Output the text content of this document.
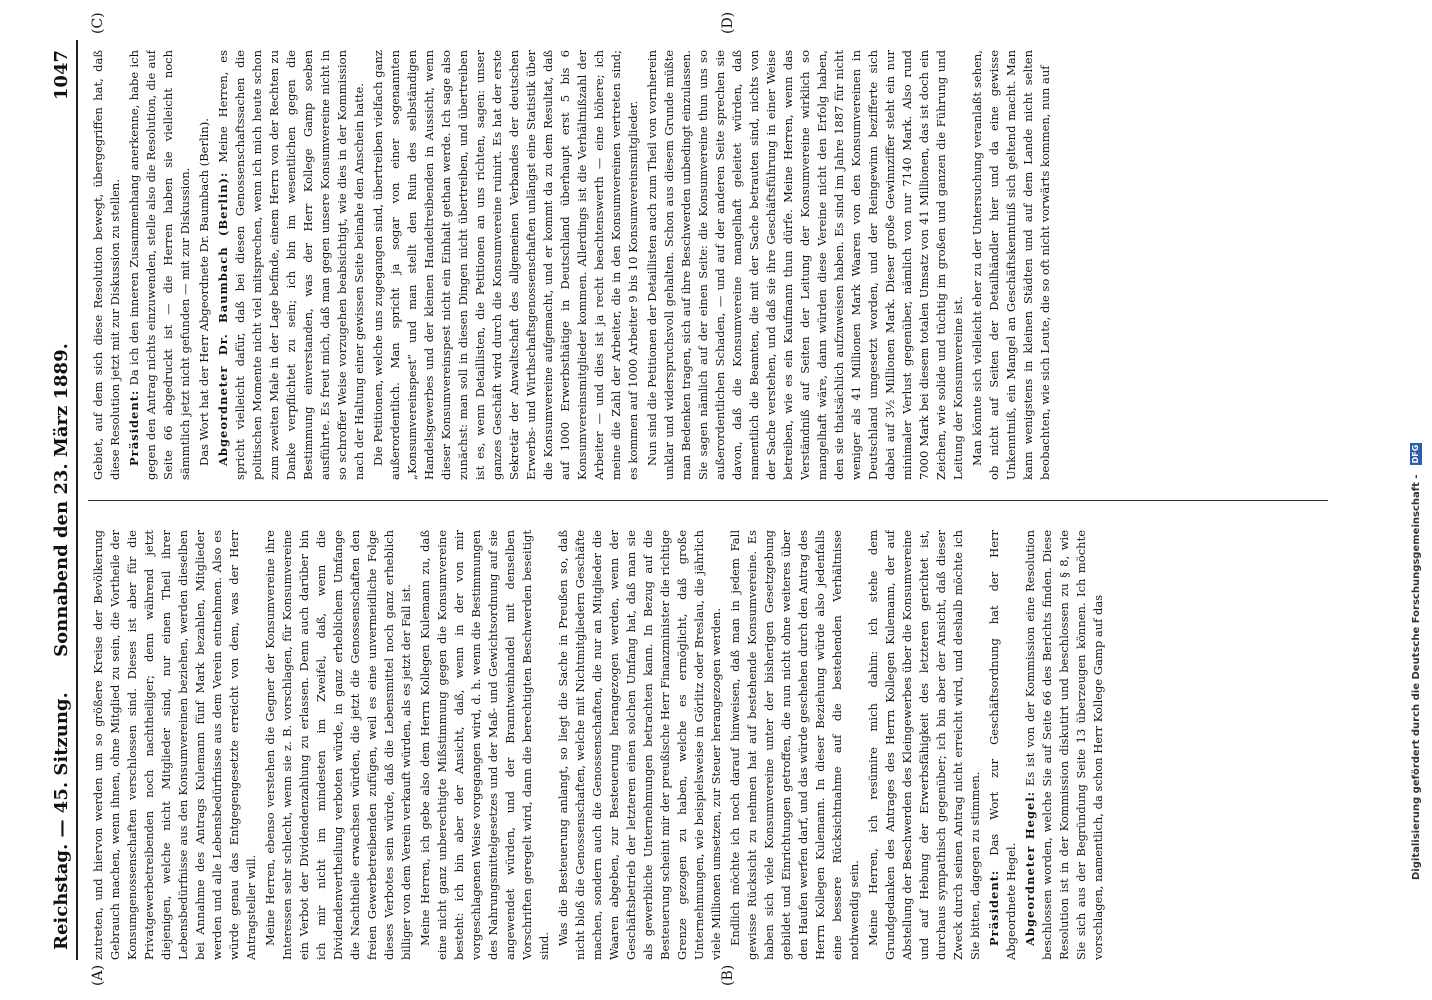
Reichstag. — 45. Sitzung.
Sonnabend den 23. März 1889.
1047
(A)	(B)
(C)	(D)

zutreten, und hiervon werden um so größere Kreise der Bevölkerung Gebrauch machen, wenn ihnen, ohne Mitglied zu sein, die Vortheile der Konsumgenossenschaften verschlossen sind. Dieses ist aber für die Privatgewerbetreibenden noch nachtheiliger; denn während jetzt diejenigen, welche nicht Mitglieder sind, nur einen Theil ihrer Lebensbedürfnisse aus den Konsumvereinen beziehen, werden dieselben bei Annahme des Antrags Kulemann fünf Mark bezahlen, Mitglieder werden und alle Lebensbedürfnisse aus dem Verein entnehmen. Also es würde genau das Entgegengesetzte erreicht von dem, was der Herr Antragsteller will. Meine Herren, ebenso verstehen die Gegner der Konsumvereine ihre Interessen sehr schlecht, wenn sie z. B. vorschlagen, für Konsumvereine ein Verbot der Dividendenzahlung zu erlassen. Denn auch darüber bin ich mir nicht im mindesten im Zweifel, daß, wenn die Dividendenvertheilung verboten würde, in ganz erheblichem Umfange die Nachtheile erwachsen würden, die jetzt die Genossenschaften den freien Gewerbetreibenden zufügen, weil es eine unvermeidliche Folge dieses Verbotes sein würde, daß die Lebensmittel noch ganz erheblich billiger von dem Verein verkauft würden, als es jetzt der Fall ist. Meine Herren, ich gebe also dem Herrn Kollegen Kulemann zu, daß eine nicht ganz unberechtigte Mißstimmung gegen die Konsumvereine besteht: ich bin aber der Ansicht, daß, wenn in der von mir vorgeschlagenen Weise vorgegangen wird, d. h. wenn die Bestimmungen des Nahrungsmittelgesetzes und der Maß- und Gewichtsordnung auf sie angewendet würden, und der Branntweinhandel mit denselben Vorschriften geregelt wird, dann die berechtigten Beschwerden beseitigt sind. Was die Besteuerung anlangt, so liegt die Sache in Preußen so, daß nicht bloß die Genossenschaften, welche mit Nichtmitgliedern Geschäfte machen, sondern auch die Genossenschaften, die nur an Mitglieder die Waaren abgeben, zur Besteuerung herangezogen werden, wenn der Geschäftsbetrieb der letzteren einen solchen Umfang hat, daß man sie als gewerbliche Unternehmungen betrachten kann. In Bezug auf die Besteuerung scheint mir der preußische Herr Finanzminister die richtige Grenze gezogen zu haben, welche es ermöglicht, daß große Unternehmungen, wie beispielsweise in Görlitz oder Breslau, die jährlich viele Millionen umsetzen, zur Steuer herangezogen werden. Endlich möchte ich noch darauf hinweisen, daß man in jedem Fall gewisse Rücksicht zu nehmen hat auf bestehende Konsumvereine. Es haben sich viele Konsumvereine unter der bisherigen Gesetzgebung gebildet und Einrichtungen getroffen, die nun nicht ohne weiteres über den Haufen werfen darf, und das würde geschehen durch den Antrag des Herrn Kollegen Kulemann. In dieser Beziehung würde also jedenfalls eine bessere Rücksichtnahme auf die bestehenden Verhältnisse nothwendig sein. Meine Herren, ich resümire mich dahin: ich stehe dem Grundgedanken des Antrages des Herrn Kollegen Kulemann, der auf Abstellung der Beschwerden des Kleingewerbes über die Konsumvereine und auf Hebung der Erwerbsfähigkeit des letzteren gerichtet ist, durchaus sympathisch gegenüber; ich bin aber der Ansicht, daß dieser Zweck durch seinen Antrag nicht erreicht wird, und deshalb möchte ich Sie bitten, dagegen zu stimmen. Präsident: Das Wort zur Geschäftsordnung hat der Herr Abgeordnete Hegel. Abgeordneter Hegel: Es ist von der Kommission eine Resolution beschlossen worden, welche Sie auf Seite 66 des Berichts finden. Diese Resolution ist in der Kommission diskutirt und beschlossen zu § 8, wie Sie sich aus der Begründung Seite 13 überzeugen können. Ich möchte vorschlagen, namentlich, da schon Herr Kollege Gamp auf das

Gebiet, auf dem sich diese Resolution bewegt, übergegriffen hat, daß diese Resolution jetzt mit zur Diskussion zu stellen. Präsident: Da ich den inneren Zusammenhang anerkenne, habe ich gegen den Antrag nichts einzuwenden, stelle also die Resolution, die auf Seite 66 abgedruckt ist — die Herren haben sie vielleicht noch sämmtlich jetzt nicht gefunden — mit zur Diskussion. Das Wort hat der Herr Abgeordnete Dr. Baumbach (Berlin). Abgeordneter Dr. Baumbach (Berlin): Meine Herren, es spricht vielleicht dafür, daß bei diesen Genossenschaftssachen die politischen Momente nicht viel mitsprechen, wenn ich mich heute schon zum zweiten Male in der Lage befinde, einem Herrn von der Rechten zu Danke verpflichtet zu sein; ich bin im wesentlichen gegen die Bestimmung einverstanden, was der Herr Kollege Gamp soeben ausführte. Es freut mich, daß man gegen unsere Konsumvereine nicht in so schroffer Weise vorzugehen beabsichtigt, wie dies in der Kommission nach der Haltung einer gewissen Seite beinahe den Anschein hatte. Die Petitionen, welche uns zugegangen sind, übertreiben vielfach ganz außerordentlich. Man spricht ja sogar von einer sogenannten „Konsumvereinspest“ und man stellt den Ruin des selbständigen Handelsgewerbes und der kleinen Handeltreibenden in Aussicht, wenn dieser Konsumvereinspest nicht ein Einhalt gethan werde. Ich sage also zunächst: man soll in diesen Dingen nicht übertreiben, und übertreiben ist es, wenn Detaillisten, die Petitionen an uns richten, sagen: unser ganzes Geschäft wird durch die Konsumvereine ruinirt. Es hat der erste Sekretär der Anwaltschaft des allgemeinen Verbandes der deutschen Erwerbs- und Wirthschaftsgenossenschaften unlängst eine Statistik über die Konsumvereine aufgemacht, und er kommt da zu dem Resultat, daß auf 1000 Erwerbsthätige in Deutschland überhaupt erst 5 bis 6 Konsumvereinsmitglieder kommen. Allerdings ist die Verhältnißzahl der Arbeiter — und dies ist ja recht beachtenswerth — eine höhere; ich meine die Zahl der Arbeiter, die in den Konsumvereinen vertreten sind; es kommen auf 1000 Arbeiter 9 bis 10 Konsumvereinsmitglieder. Nun sind die Petitionen der Detaillisten auch zum Theil von vornherein unklar und widerspruchsvoll gehalten. Schon aus diesem Grunde müßte man Bedenken tragen, sich auf ihre Beschwerden unbedingt einzulassen. Sie sagen nämlich auf der einen Seite: die Konsumvereine thun uns so außerordentlichen Schaden, — und auf der anderen Seite sprechen sie davon, daß die Konsumvereine mangelhaft geleitet würden, daß namentlich die Beamten, die mit der Sache betrauten sind, nichts von der Sache verstehen, und daß sie ihre Geschäftsführung in einer Weise betreiben, wie es ein Kaufmann thun dürfe. Meine Herren, wenn das Verständniß auf Seiten der Leitung der Konsumvereine wirklich so mangelhaft wäre, dann würden diese Vereine nicht den Erfolg haben, den sie thatsächlich aufzuweisen haben. Es sind im Jahre 1887 für nicht weniger als 41 Millionen Mark Waaren von den Konsumvereinen in Deutschland umgesetzt worden, und der Reingewinn bezifferte sich dabei auf 3½ Millionen Mark. Dieser große Gewinnziffer steht ein nur minimaler Verlust gegenüber, nämlich von nur 7140 Mark. Also rund 7000 Mark bei diesem totalen Umsatz von 41 Millionen, das ist doch ein Zeichen, wie solide und tüchtig im großen und ganzen die Führung und Leitung der Konsumvereine ist. Man könnte sich vielleicht eher zu der Untersuchung veranlaßt sehen, ob nicht auf Seiten der Detailhändler hier und da eine gewisse Unkenntniß, ein Mangel an Geschäftskenntniß sich geltend macht. Man kann wenigstens in kleinen Städten und auf dem Lande nicht selten beobachten, wie sich Leute, die so oft nicht vorwärts kommen, nun auf

Digitalisierung gefördert durch die Deutsche Forschungsgemeinschaft - DFG
